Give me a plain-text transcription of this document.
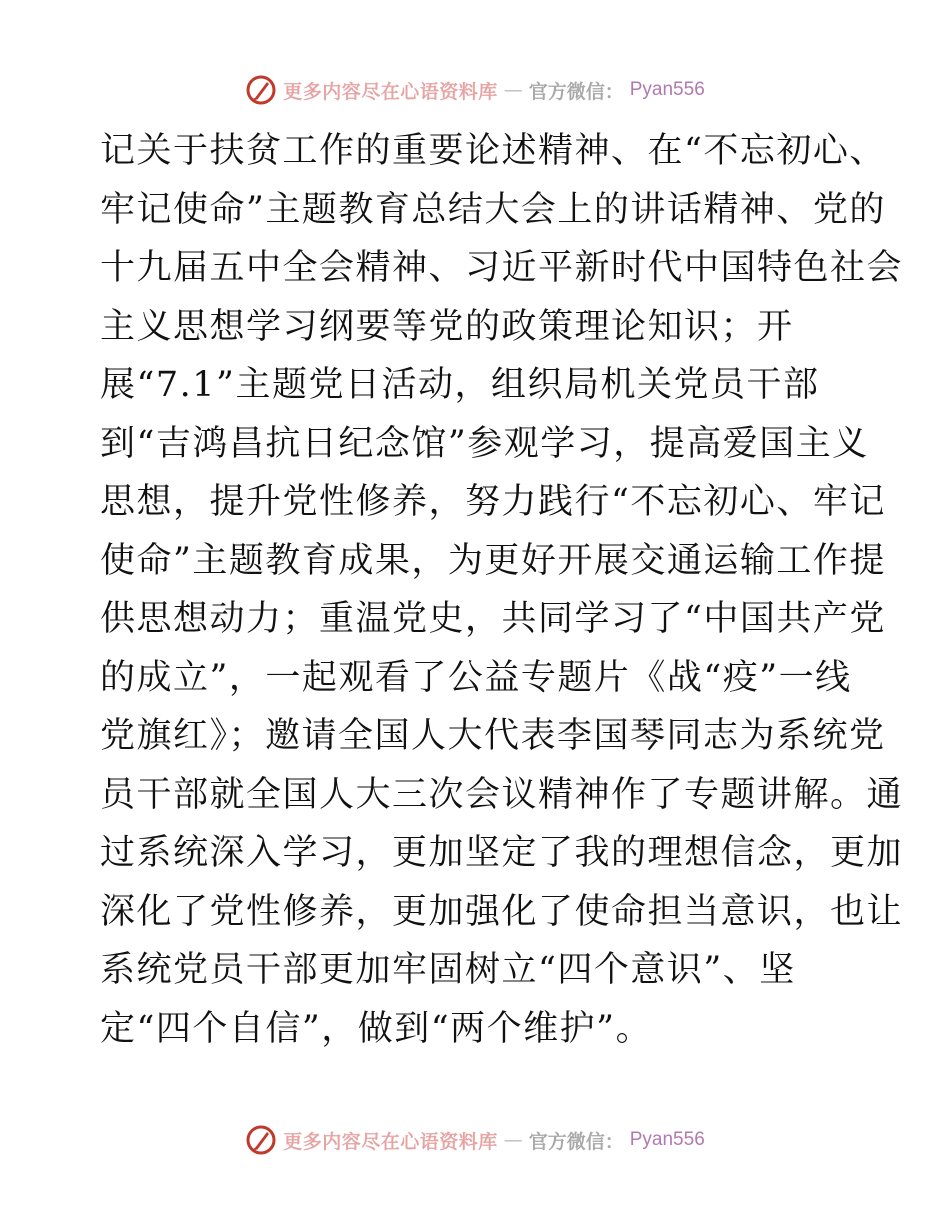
更多内容尽在心语资料库 — 官方微信： Pyan556
记关于扶贫工作的重要论述精神、在“不忘初心、
牢记使命”主题教育总结大会上的讲话精神、党的
十九届五中全会精神、习近平新时代中国特色社会
主义思想学习纲要等党的政策理论知识；开
展“7.1”主题党日活动，组织局机关党员干部
到“吉鸿昌抗日纪念馆”参观学习，提高爱国主义
思想，提升党性修养，努力践行“不忘初心、牢记
使命”主题教育成果，为更好开展交通运输工作提
供思想动力；重温党史，共同学习了“中国共产党
的成立”，一起观看了公益专题片《战“疫”一线
党旗红》；邀请全国人大代表李国琴同志为系统党
员干部就全国人大三次会议精神作了专题讲解。通
过系统深入学习，更加坚定了我的理想信念，更加
深化了党性修养，更加强化了使命担当意识，也让
系统党员干部更加牢固树立“四个意识”、坚
定“四个自信”，做到“两个维护”。
更多内容尽在心语资料库 — 官方微信： Pyan556
